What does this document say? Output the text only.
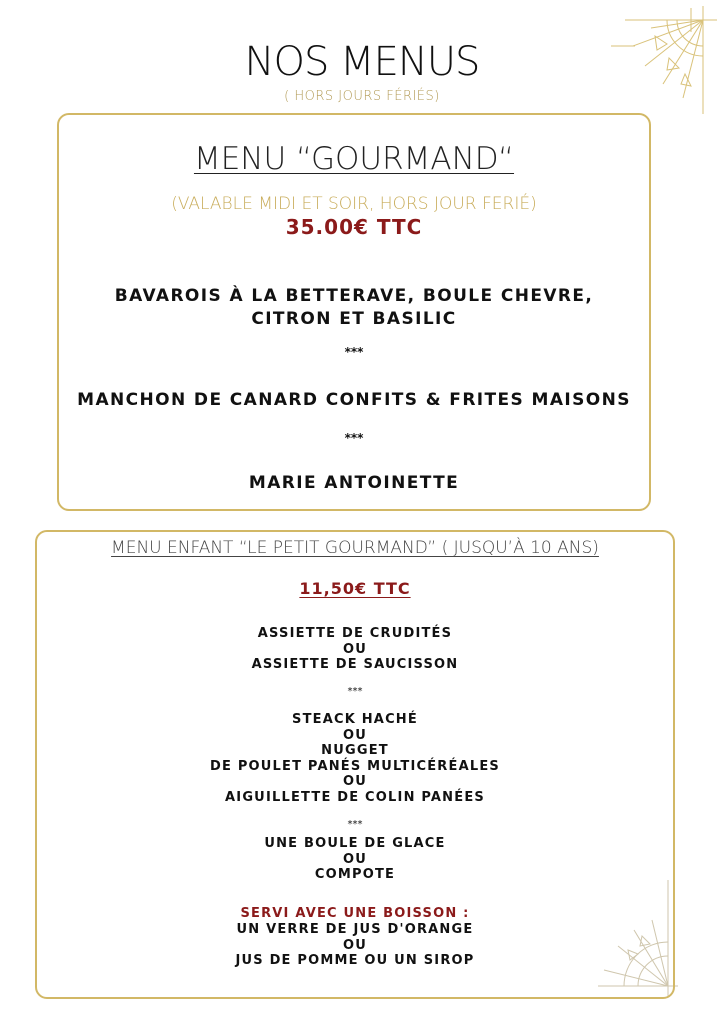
NOS MENUS
( HORS JOURS FÉRIÉS)
MENU “GOURMAND“
(VALABLE MIDI ET SOIR, HORS JOUR FERIÉ)
35.00€ TTC
BAVAROIS À LA BETTERAVE, BOULE CHEVRE,
CITRON ET BASILIC
***
MANCHON DE CANARD CONFITS & FRITES MAISONS
***
MARIE ANTOINETTE
MENU ENFANT “LE PETIT GOURMAND” ( JUSQU’À 10 ANS)
11,50€ TTC
ASSIETTE DE CRUDITÉS
OU
ASSIETTE DE SAUCISSON
***
STEACK HACHÉ
OU
NUGGET
DE POULET PANÉS MULTICÉRÉALES
OU
AIGUILLETTE DE COLIN PANÉES
***
UNE BOULE DE GLACE
OU
COMPOTE
SERVI AVEC UNE BOISSON :
UN VERRE DE JUS D'ORANGE
OU
JUS DE POMME OU UN SIROP
